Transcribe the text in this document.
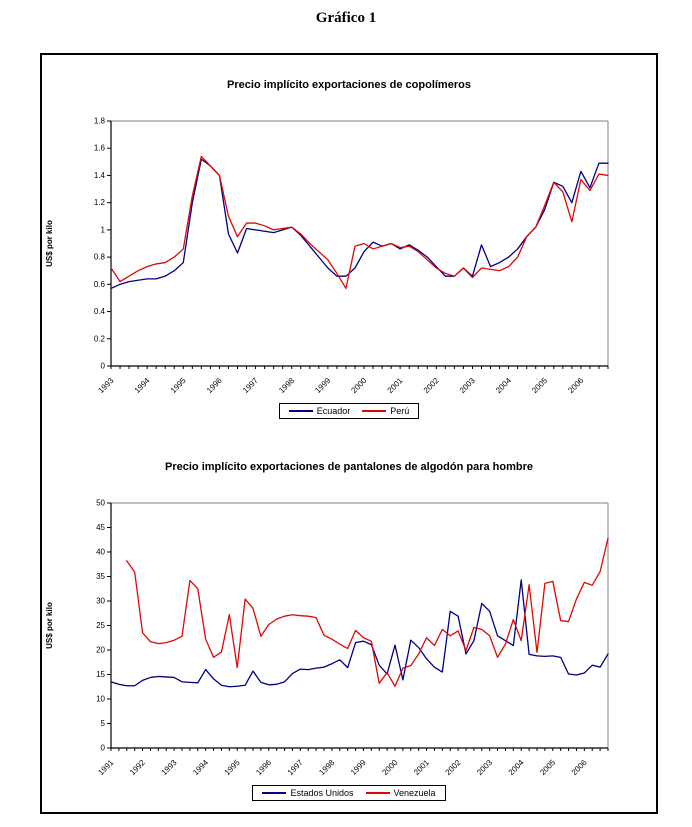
Gráfico 1
Precio implícito exportaciones de copolímeros
0
0.2
0.4
0.6
0.8
1
1.2
1.4
1.6
1.8
1993 1994 1995 1996 1997 1998 1999 2000 2001 2002 2003 2004 2005 2006
US$ por kilo
Ecuador	Perú
Precio implícito exportaciones de pantalones de algodón para hombre
0
5
10
15
20
25
30
35
40
45
50
1991 1992 1993 1994 1995 1996 1997 1998 1999 2000 2001 2002 2003 2004 2005 2006
US$ por kilo
Estados Unidos	Venezuela
